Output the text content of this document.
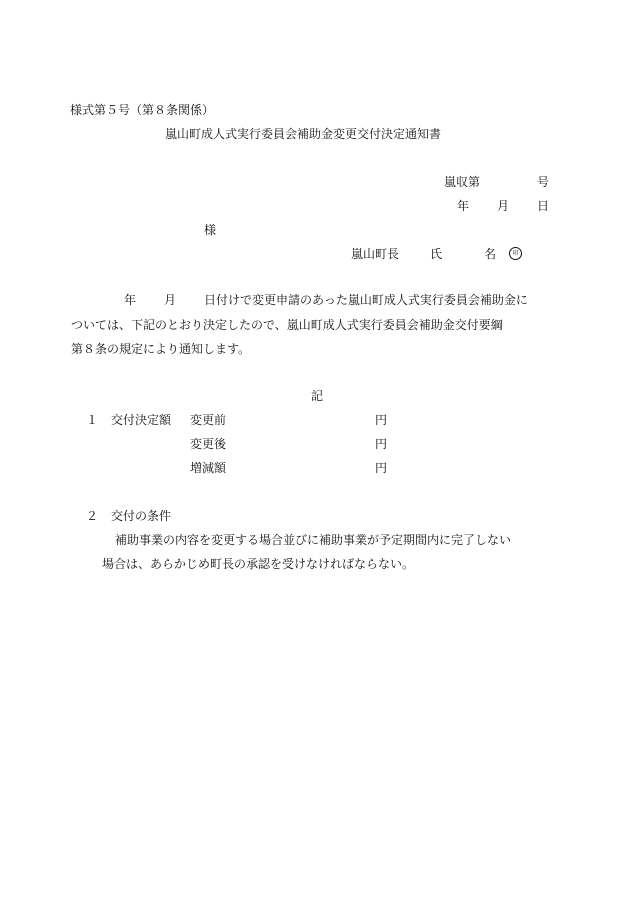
様式第５号（第８条関係）
嵐山町成人式実行委員会補助金変更交付決定通知書
嵐収第	号
年 月 日
様
嵐山町長	氏	名	印
年 月 日付けで変更申請のあった嵐山町成人式実行委員会補助金に
ついては、下記のとおり決定したので、嵐山町成人式実行委員会補助金交付要綱
第８条の規定により通知します。
記
１ 交付決定額 変更前	円
変更後	円
増減額	円
２ 交付の条件
補助事業の内容を変更する場合並びに補助事業が予定期間内に完了しない
場合は、あらかじめ町長の承認を受けなければならない。
